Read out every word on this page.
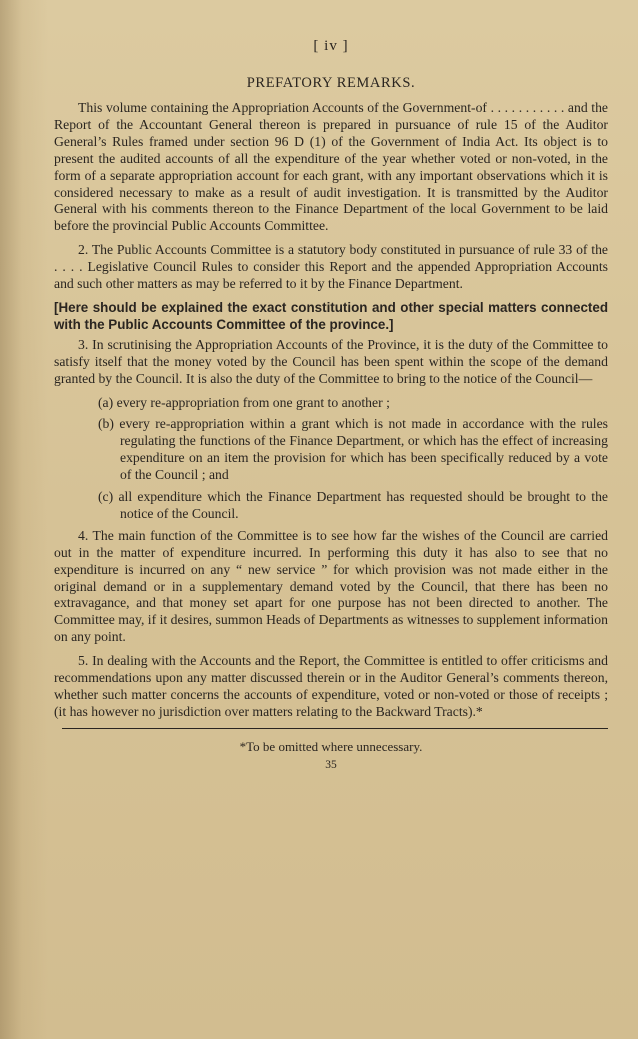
[ iv ]
PREFATORY REMARKS.

This volume containing the Appropriation Accounts of the Government-of . . . . . . . . . . . and the Report of the Accountant General thereon is prepared in pursuance of rule 15 of the Auditor General’s Rules framed under section 96 D (1) of the Government of India Act. Its object is to present the audited accounts of all the expenditure of the year whether voted or non-voted, in the form of a separate appropriation account for each grant, with any important observations which it is considered necessary to make as a result of audit investigation. It is transmitted by the Auditor General with his comments thereon to the Finance Department of the local Government to be laid before the provincial Public Accounts Committee.

2. The Public Accounts Committee is a statutory body constituted in pursuance of rule 33 of the . . . . Legislative Council Rules to consider this Report and the appended Appropriation Accounts and such other matters as may be referred to it by the Finance Department.

[Here should be explained the exact constitution and other special matters connected with the Public Accounts Committee of the province.]

3. In scrutinising the Appropriation Accounts of the Province, it is the duty of the Committee to satisfy itself that the money voted by the Council has been spent within the scope of the demand granted by the Council. It is also the duty of the Committee to bring to the notice of the Council—

(a) every re-appropriation from one grant to another ;
(b) every re-appropriation within a grant which is not made in accordance with the rules regulating the functions of the Finance Department, or which has the effect of increasing expenditure on an item the provision for which has been specifically reduced by a vote of the Council ; and
(c) all expenditure which the Finance Department has requested should be brought to the notice of the Council.

4. The main function of the Committee is to see how far the wishes of the Council are carried out in the matter of expenditure incurred. In performing this duty it has also to see that no expenditure is incurred on any “ new service ” for which provision was not made either in the original demand or in a supplementary demand voted by the Council, that there has been no extravagance, and that money set apart for one purpose has not been directed to another. The Committee may, if it desires, summon Heads of Departments as witnesses to supplement information on any point.

5. In dealing with the Accounts and the Report, the Committee is entitled to offer criticisms and recommendations upon any matter discussed therein or in the Auditor General’s comments thereon, whether such matter concerns the accounts of expenditure, voted or non-voted or those of receipts ; (it has however no jurisdiction over matters relating to the Backward Tracts).*

*To be omitted where unnecessary.
35
